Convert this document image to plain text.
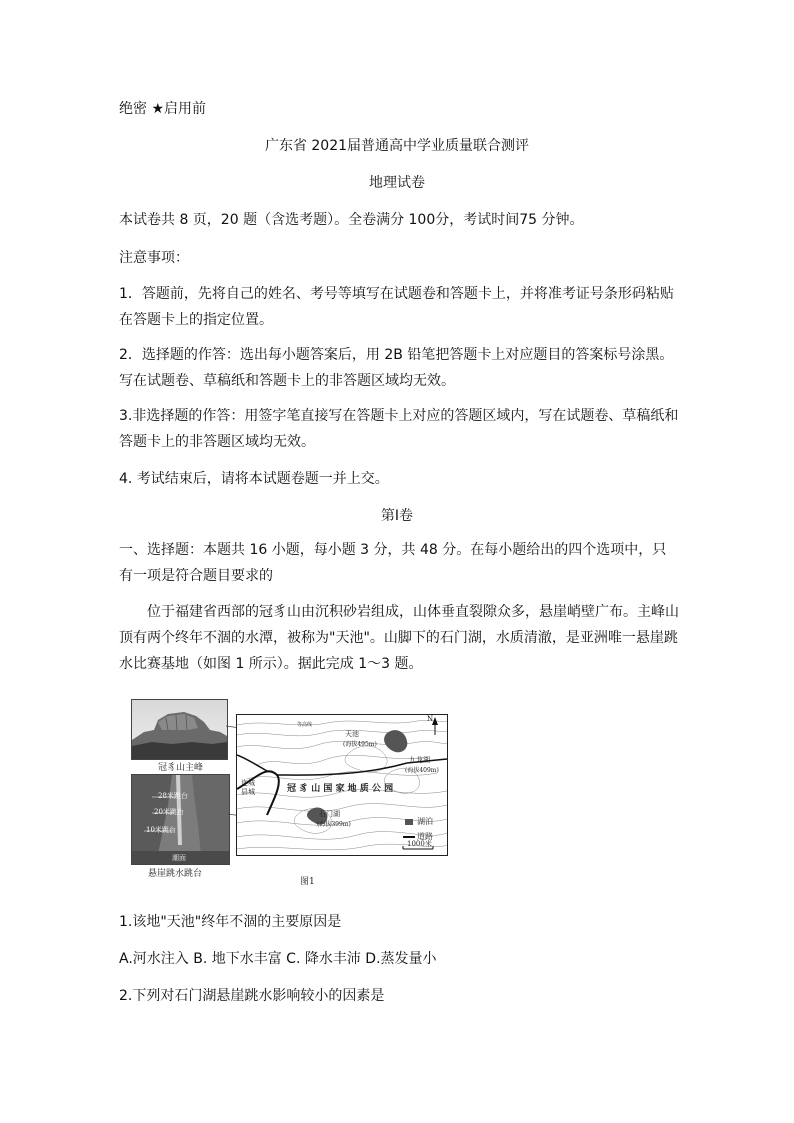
绝密 ★启用前
广东省 2021届普通高中学业质量联合测评
地理试卷
本试卷共 8 页，20 题（含选考题）。全卷满分 100分，考试时间75 分钟。
注意事项：
1．答题前，先将自己的姓名、考号等填写在试题卷和答题卡上，并将准考证号条形码粘贴在答题卡上的指定位置。
2．选择题的作答：选出每小题答案后，用 2B 铅笔把答题卡上对应题目的答案标号涂黑。写在试题卷、草稿纸和答题卡上的非答题区域均无效。
3.非选择题的作答：用签字笔直接写在答题卡上对应的答题区域内，写在试题卷、草稿纸和答题卡上的非答题区域均无效。
4. 考试结束后，请将本试题卷题一并上交。
第Ⅰ卷
一、选择题：本题共 16 小题，每小题 3 分，共 48 分。在每小题给出的四个选项中，只有一项是符合题目要求的
位于福建省西部的冠豸山由沉积砂岩组成，山体垂直裂隙众多，悬崖峭壁广布。主峰山顶有两个终年不涸的水潭，被称为"天池"。山脚下的石门湖，水质清澈，是亚洲唯一悬崖跳水比赛基地（如图 1 所示）。据此完成 1～3 题。
冠豸山主峰
28米跳台
20米跳台
10米跳台
潮面
悬崖跳水跳台
天池
(海拔495m)
九龙湖
(海拔409m)
冠 豸 山 国 家 地 质 公 园
连城县城
石门湖
(海拔399m)
等高线
N
湖泊
道路
1000米
图1
1.该地"天池"终年不涸的主要原因是
A.河水注入 B. 地下水丰富 C. 降水丰沛 D.蒸发量小
2.下列对石门湖悬崖跳水影响较小的因素是
